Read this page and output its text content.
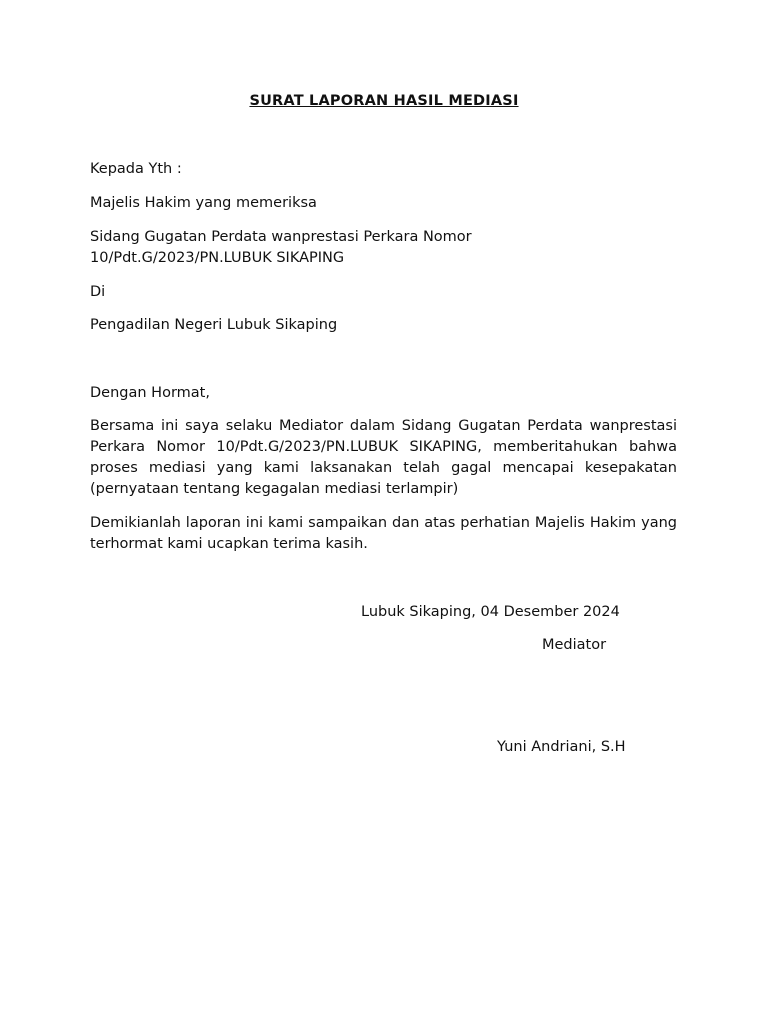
SURAT LAPORAN HASIL MEDIASI
Kepada Yth :
Majelis Hakim yang memeriksa
Sidang Gugatan Perdata wanprestasi Perkara Nomor
10/Pdt.G/2023/PN.LUBUK SIKAPING
Di
Pengadilan Negeri Lubuk Sikaping
Dengan Hormat,
Bersama ini saya selaku Mediator dalam Sidang Gugatan Perdata wanprestasi Perkara Nomor 10/Pdt.G/2023/PN.LUBUK SIKAPING, memberitahukan bahwa proses mediasi yang kami laksanakan telah gagal mencapai kesepakatan (pernyataan tentang kegagalan mediasi terlampir)
Demikianlah laporan ini kami sampaikan dan atas perhatian Majelis Hakim yang terhormat kami ucapkan terima kasih.
Lubuk Sikaping, 04 Desember 2024
Mediator
Yuni Andriani, S.H
